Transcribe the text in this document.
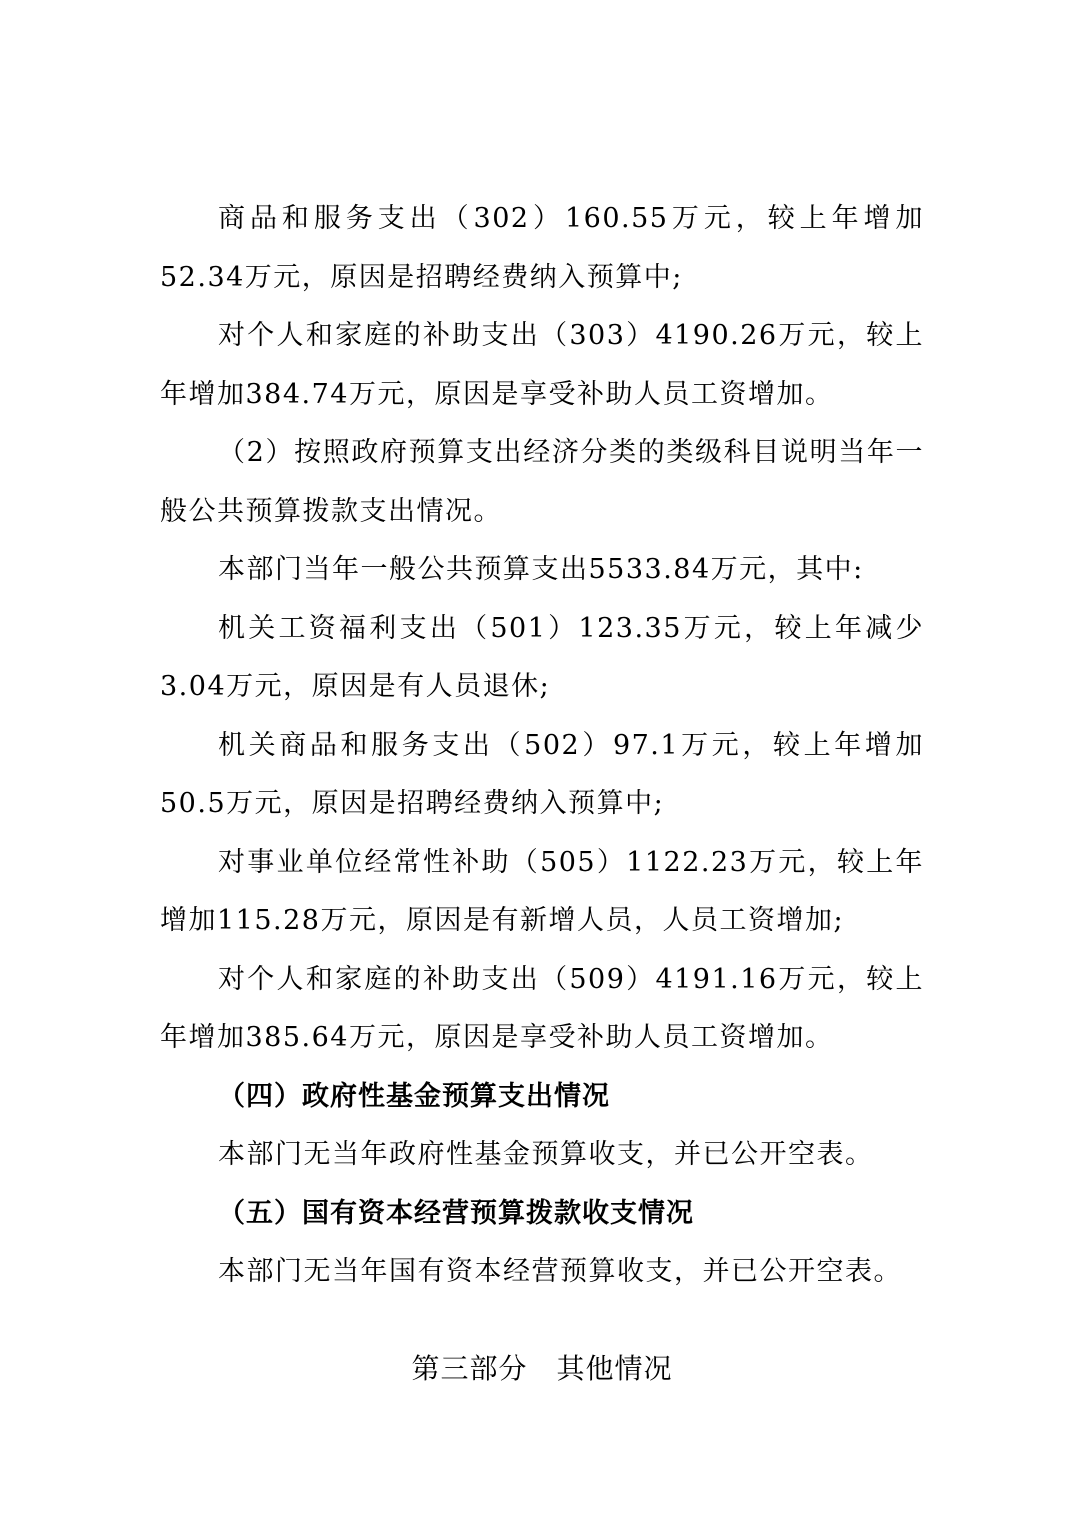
商品和服务支出（302）160.55万元，较上年增加52.34万元，原因是招聘经费纳入预算中;

对个人和家庭的补助支出（303）4190.26万元，较上年增加384.74万元，原因是享受补助人员工资增加。

（2）按照政府预算支出经济分类的类级科目说明当年一般公共预算拨款支出情况。

本部门当年一般公共预算支出5533.84万元，其中:

机关工资福利支出（501）123.35万元，较上年减少3.04万元，原因是有人员退休;

机关商品和服务支出（502）97.1万元，较上年增加50.5万元，原因是招聘经费纳入预算中;

对事业单位经常性补助（505）1122.23万元，较上年增加115.28万元，原因是有新增人员，人员工资增加;

对个人和家庭的补助支出（509）4191.16万元，较上年增加385.64万元，原因是享受补助人员工资增加。

（四）政府性基金预算支出情况

本部门无当年政府性基金预算收支，并已公开空表。

（五）国有资本经营预算拨款收支情况

本部门无当年国有资本经营预算收支，并已公开空表。

第三部分　其他情况
